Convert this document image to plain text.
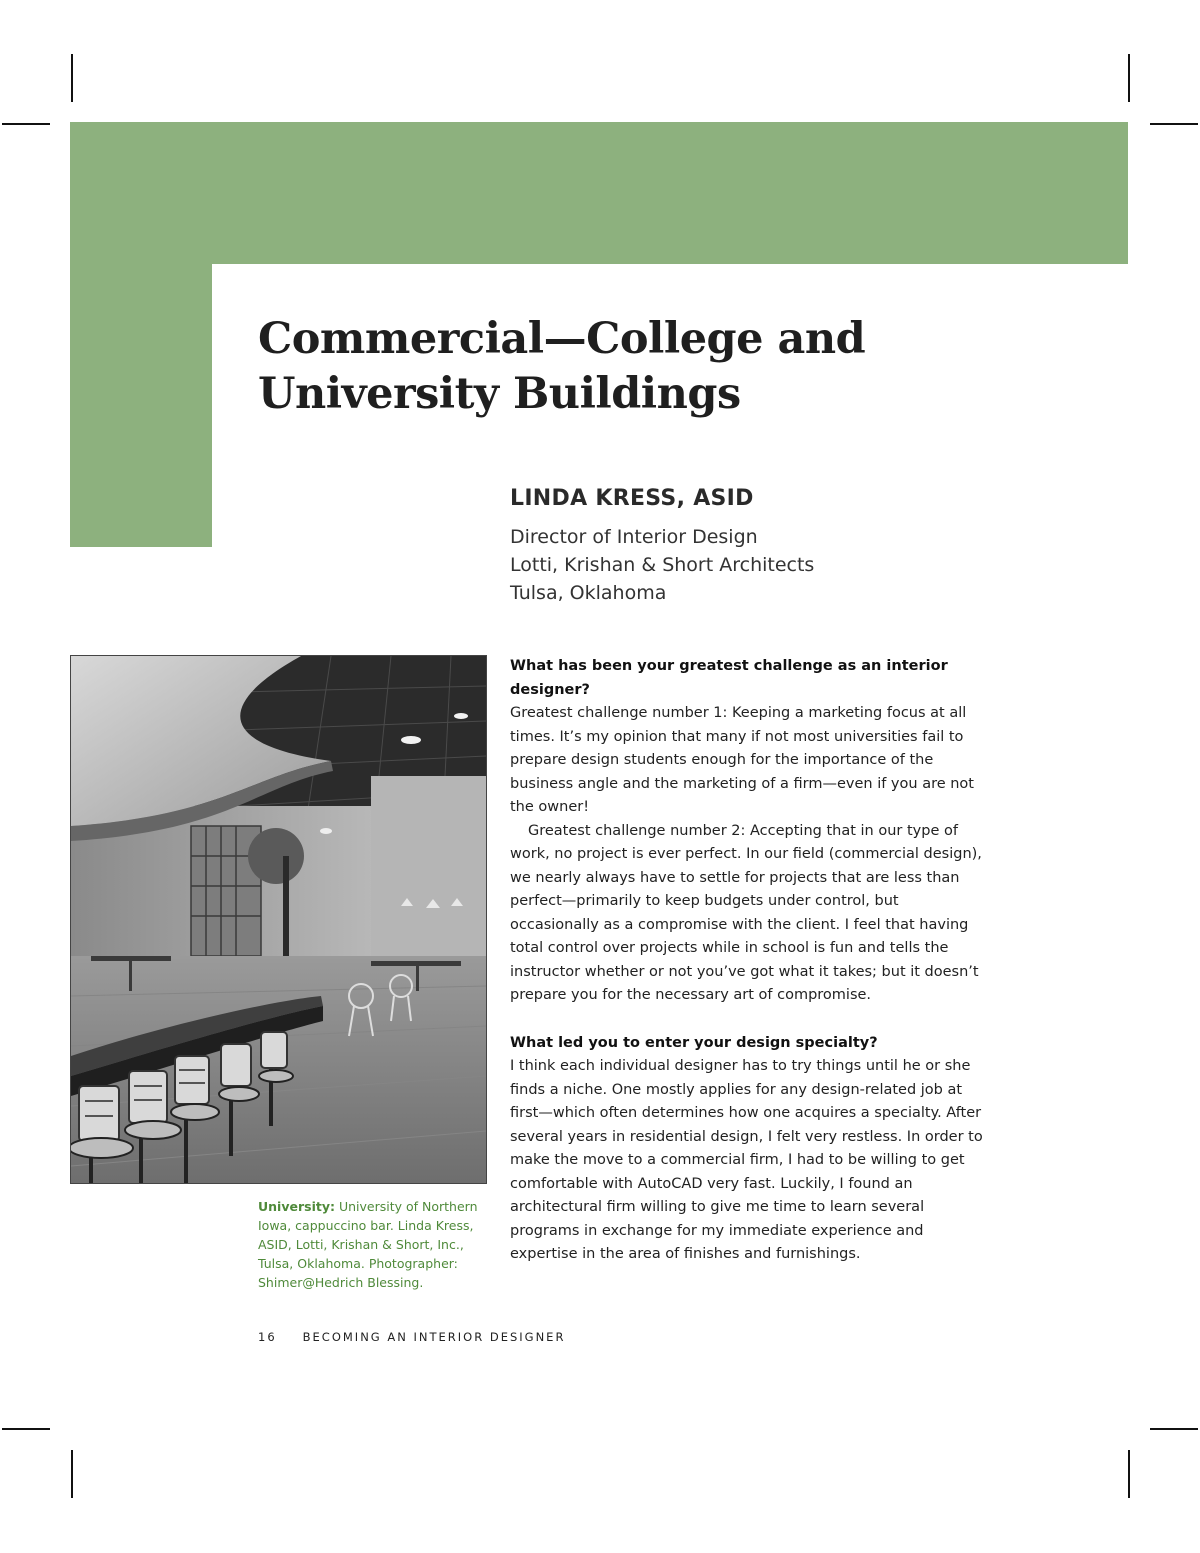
Commercial—College and University Buildings
LINDA KRESS, ASID
Director of Interior Design
Lotti, Krishan & Short Architects
Tulsa, Oklahoma
University: University of Northern Iowa, cappuccino bar. Linda Kress, ASID, Lotti, Krishan & Short, Inc., Tulsa, Oklahoma. Photographer: Shimer@Hedrich Blessing.

What has been your greatest challenge as an interior designer?

Greatest challenge number 1: Keeping a marketing focus at all times. It’s my opinion that many if not most universities fail to prepare design students enough for the importance of the business angle and the marketing of a firm—even if you are not the owner!

Greatest challenge number 2: Accepting that in our type of work, no project is ever perfect. In our field (commercial design), we nearly always have to settle for projects that are less than perfect—primarily to keep budgets under control, but occasionally as a compromise with the client. I feel that having total control over projects while in school is fun and tells the instructor whether or not you’ve got what it takes; but it doesn’t prepare you for the necessary art of compromise.

What led you to enter your design specialty?

I think each individual designer has to try things until he or she finds a niche. One mostly applies for any design-related job at first—which often determines how one acquires a specialty. After several years in residential design, I felt very restless. In order to make the move to a commercial firm, I had to be willing to get comfortable with AutoCAD very fast. Luckily, I found an architectural firm willing to give me time to learn several programs in exchange for my immediate experience and expertise in the area of finishes and furnishings.

16 BECOMING AN INTERIOR DESIGNER
